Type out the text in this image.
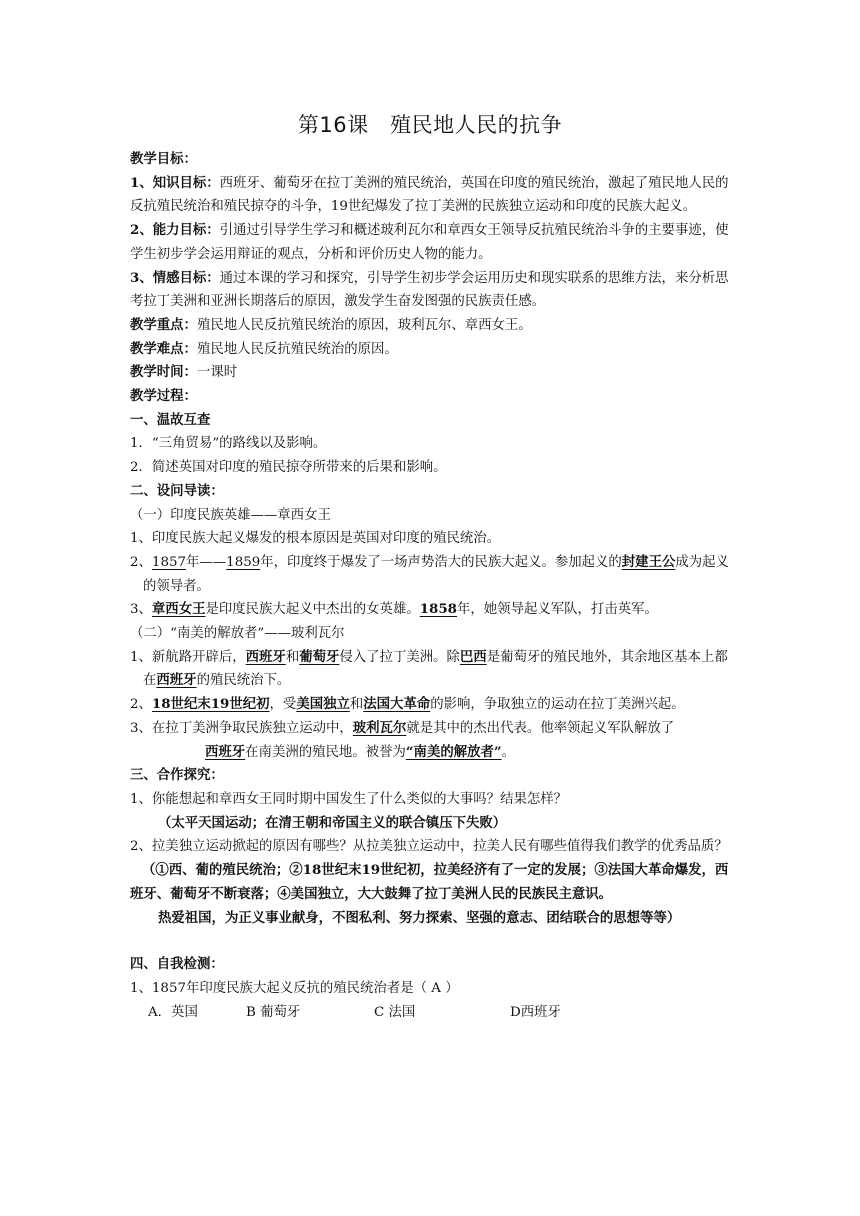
第16课　殖民地人民的抗争

教学目标：

1、知识目标：西班牙、葡萄牙在拉丁美洲的殖民统治，英国在印度的殖民统治，激起了殖民地人民的反抗殖民统治和殖民掠夺的斗争，19世纪爆发了拉丁美洲的民族独立运动和印度的民族大起义。

2、能力目标：引通过引导学生学习和概述玻利瓦尔和章西女王领导反抗殖民统治斗争的主要事迹，使学生初步学会运用辩证的观点，分析和评价历史人物的能力。

3、情感目标：通过本课的学习和探究，引导学生初步学会运用历史和现实联系的思维方法，来分析思考拉丁美洲和亚洲长期落后的原因，激发学生奋发图强的民族责任感。

教学重点：殖民地人民反抗殖民统治的原因，玻利瓦尔、章西女王。

教学难点：殖民地人民反抗殖民统治的原因。

教学时间：一课时

教学过程：

一、温故互查

1．“三角贸易”的路线以及影响。

2．简述英国对印度的殖民掠夺所带来的后果和影响。

二、设问导读：

（一）印度民族英雄——章西女王

1、印度民族大起义爆发的根本原因是英国对印度的殖民统治。

2、1857年——1859年，印度终于爆发了一场声势浩大的民族大起义。参加起义的封建王公成为起义的领导者。

3、章西女王是印度民族大起义中杰出的女英雄。1858年，她领导起义军队，打击英军。

（二）“南美的解放者”——玻利瓦尔

1、新航路开辟后，西班牙和葡萄牙侵入了拉丁美洲。除巴西是葡萄牙的殖民地外，其余地区基本上都在西班牙的殖民统治下。

2、18世纪末19世纪初，受美国独立和法国大革命的影响，争取独立的运动在拉丁美洲兴起。

3、在拉丁美洲争取民族独立运动中，玻利瓦尔就是其中的杰出代表。他率领起义军队解放了西班牙在南美洲的殖民地。被誉为“南美的解放者”。

三、合作探究：

1、你能想起和章西女王同时期中国发生了什么类似的大事吗？结果怎样？

（太平天国运动；在清王朝和帝国主义的联合镇压下失败）

2、拉美独立运动掀起的原因有哪些？从拉美独立运动中，拉美人民有哪些值得我们教学的优秀品质？

（①西、葡的殖民统治；②18世纪末19世纪初，拉美经济有了一定的发展；③法国大革命爆发，西班牙、葡萄牙不断衰落；④美国独立，大大鼓舞了拉丁美洲人民的民族民主意识。

热爱祖国，为正义事业献身，不图私利、努力探索、坚强的意志、团结联合的思想等等）

四、自我检测：

1、1857年印度民族大起义反抗的殖民统治者是（ A ）

A．英国	B 葡萄牙	C 法国	D西班牙
